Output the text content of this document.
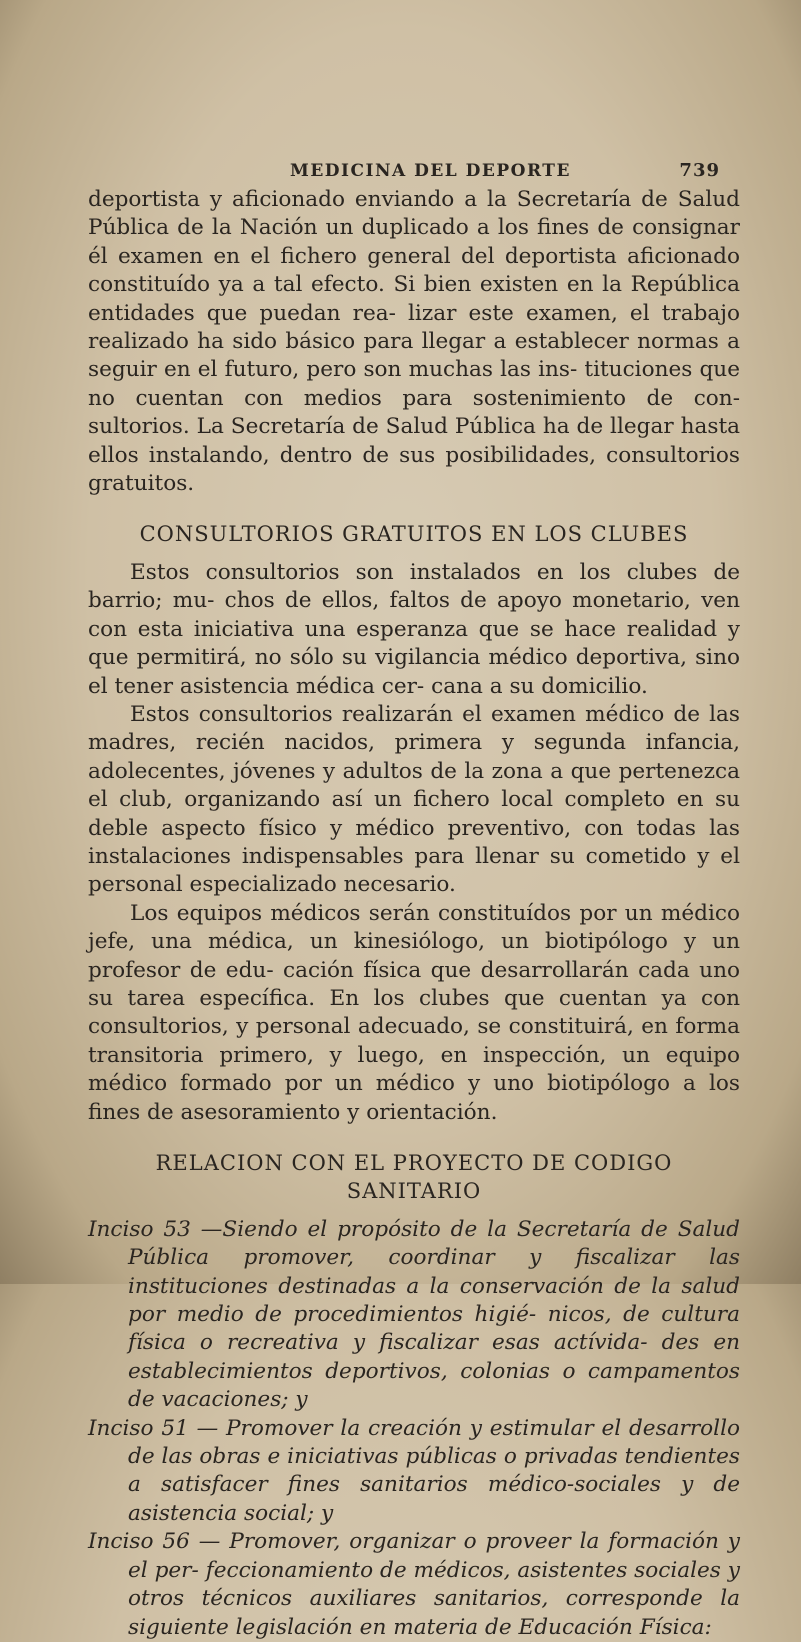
MEDICINA DEL DEPORTE	739

deportista y aficionado enviando a la Secretaría de Salud Pública de la Nación un duplicado a los fines de consignar él examen en el fichero general del deportista aficionado constituído ya a tal efecto. Si bien existen en la República entidades que puedan rea- lizar este examen, el trabajo realizado ha sido básico para llegar a establecer normas a seguir en el futuro, pero son muchas las ins- tituciones que no cuentan con medios para sostenimiento de con- sultorios. La Secretaría de Salud Pública ha de llegar hasta ellos instalando, dentro de sus posibilidades, consultorios gratuitos.

CONSULTORIOS GRATUITOS EN LOS CLUBES

Estos consultorios son instalados en los clubes de barrio; mu- chos de ellos, faltos de apoyo monetario, ven con esta iniciativa una esperanza que se hace realidad y que permitirá, no sólo su vigilancia médico deportiva, sino el tener asistencia médica cer- cana a su domicilio.

Estos consultorios realizarán el examen médico de las madres, recién nacidos, primera y segunda infancia, adolecentes, jóvenes y adultos de la zona a que pertenezca el club, organizando así un fichero local completo en su deble aspecto físico y médico preventivo, con todas las instalaciones indispensables para llenar su cometido y el personal especializado necesario.

Los equipos médicos serán constituídos por un médico jefe, una médica, un kinesiólogo, un biotipólogo y un profesor de edu- cación física que desarrollarán cada uno su tarea específica. En los clubes que cuentan ya con consultorios, y personal adecuado, se constituirá, en forma transitoria primero, y luego, en inspección, un equipo médico formado por un médico y uno biotipólogo a los fines de asesoramiento y orientación.

RELACION CON EL PROYECTO DE CODIGO SANITARIO

Inciso 53 —Siendo el propósito de la Secretaría de Salud Pública promover, coordinar y fiscalizar las instituciones destinadas a la conservación de la salud por medio de procedimientos higié- nicos, de cultura física o recreativa y fiscalizar esas actívida- des en establecimientos deportivos, colonias o campamentos de vacaciones; y

Inciso 51 — Promover la creación y estimular el desarrollo de las obras e iniciativas públicas o privadas tendientes a satisfacer fines sanitarios médico-sociales y de asistencia social; y

Inciso 56 — Promover, organizar o proveer la formación y el per- feccionamiento de médicos, asistentes sociales y otros técnicos auxiliares sanitarios, corresponde la siguiente legislación en materia de Educación Física:
